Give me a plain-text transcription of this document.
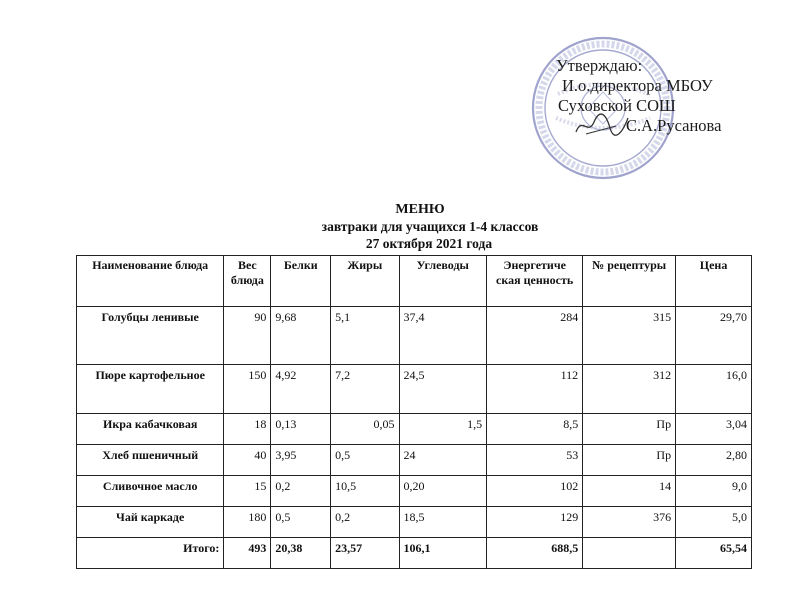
Утверждаю:
И.о.директора МБОУ
Суховской СОШ
С.А.Русанова
МЕНЮ
завтраки для учащихся 1-4 классов
27 октября 2021 года
Наименование блюда	Вес блюда	Белки	Жиры	Углеводы	Энергетиче ская ценность	№ рецептуры	Цена
Голубцы ленивые	90	9,68	5,1	37,4	284	315	29,70
Пюре картофельное	150	4,92	7,2	24,5	112	312	16,0
Икра кабачковая	18	0,13	0,05	1,5	8,5	Пр	3,04
Хлеб пшеничный	40	3,95	0,5	24	53	Пр	2,80
Сливочное масло	15	0,2	10,5	0,20	102	14	9,0
Чай каркаде	180	0,5	0,2	18,5	129	376	5,0
Итого:	493	20,38	23,57	106,1	688,5		65,54
